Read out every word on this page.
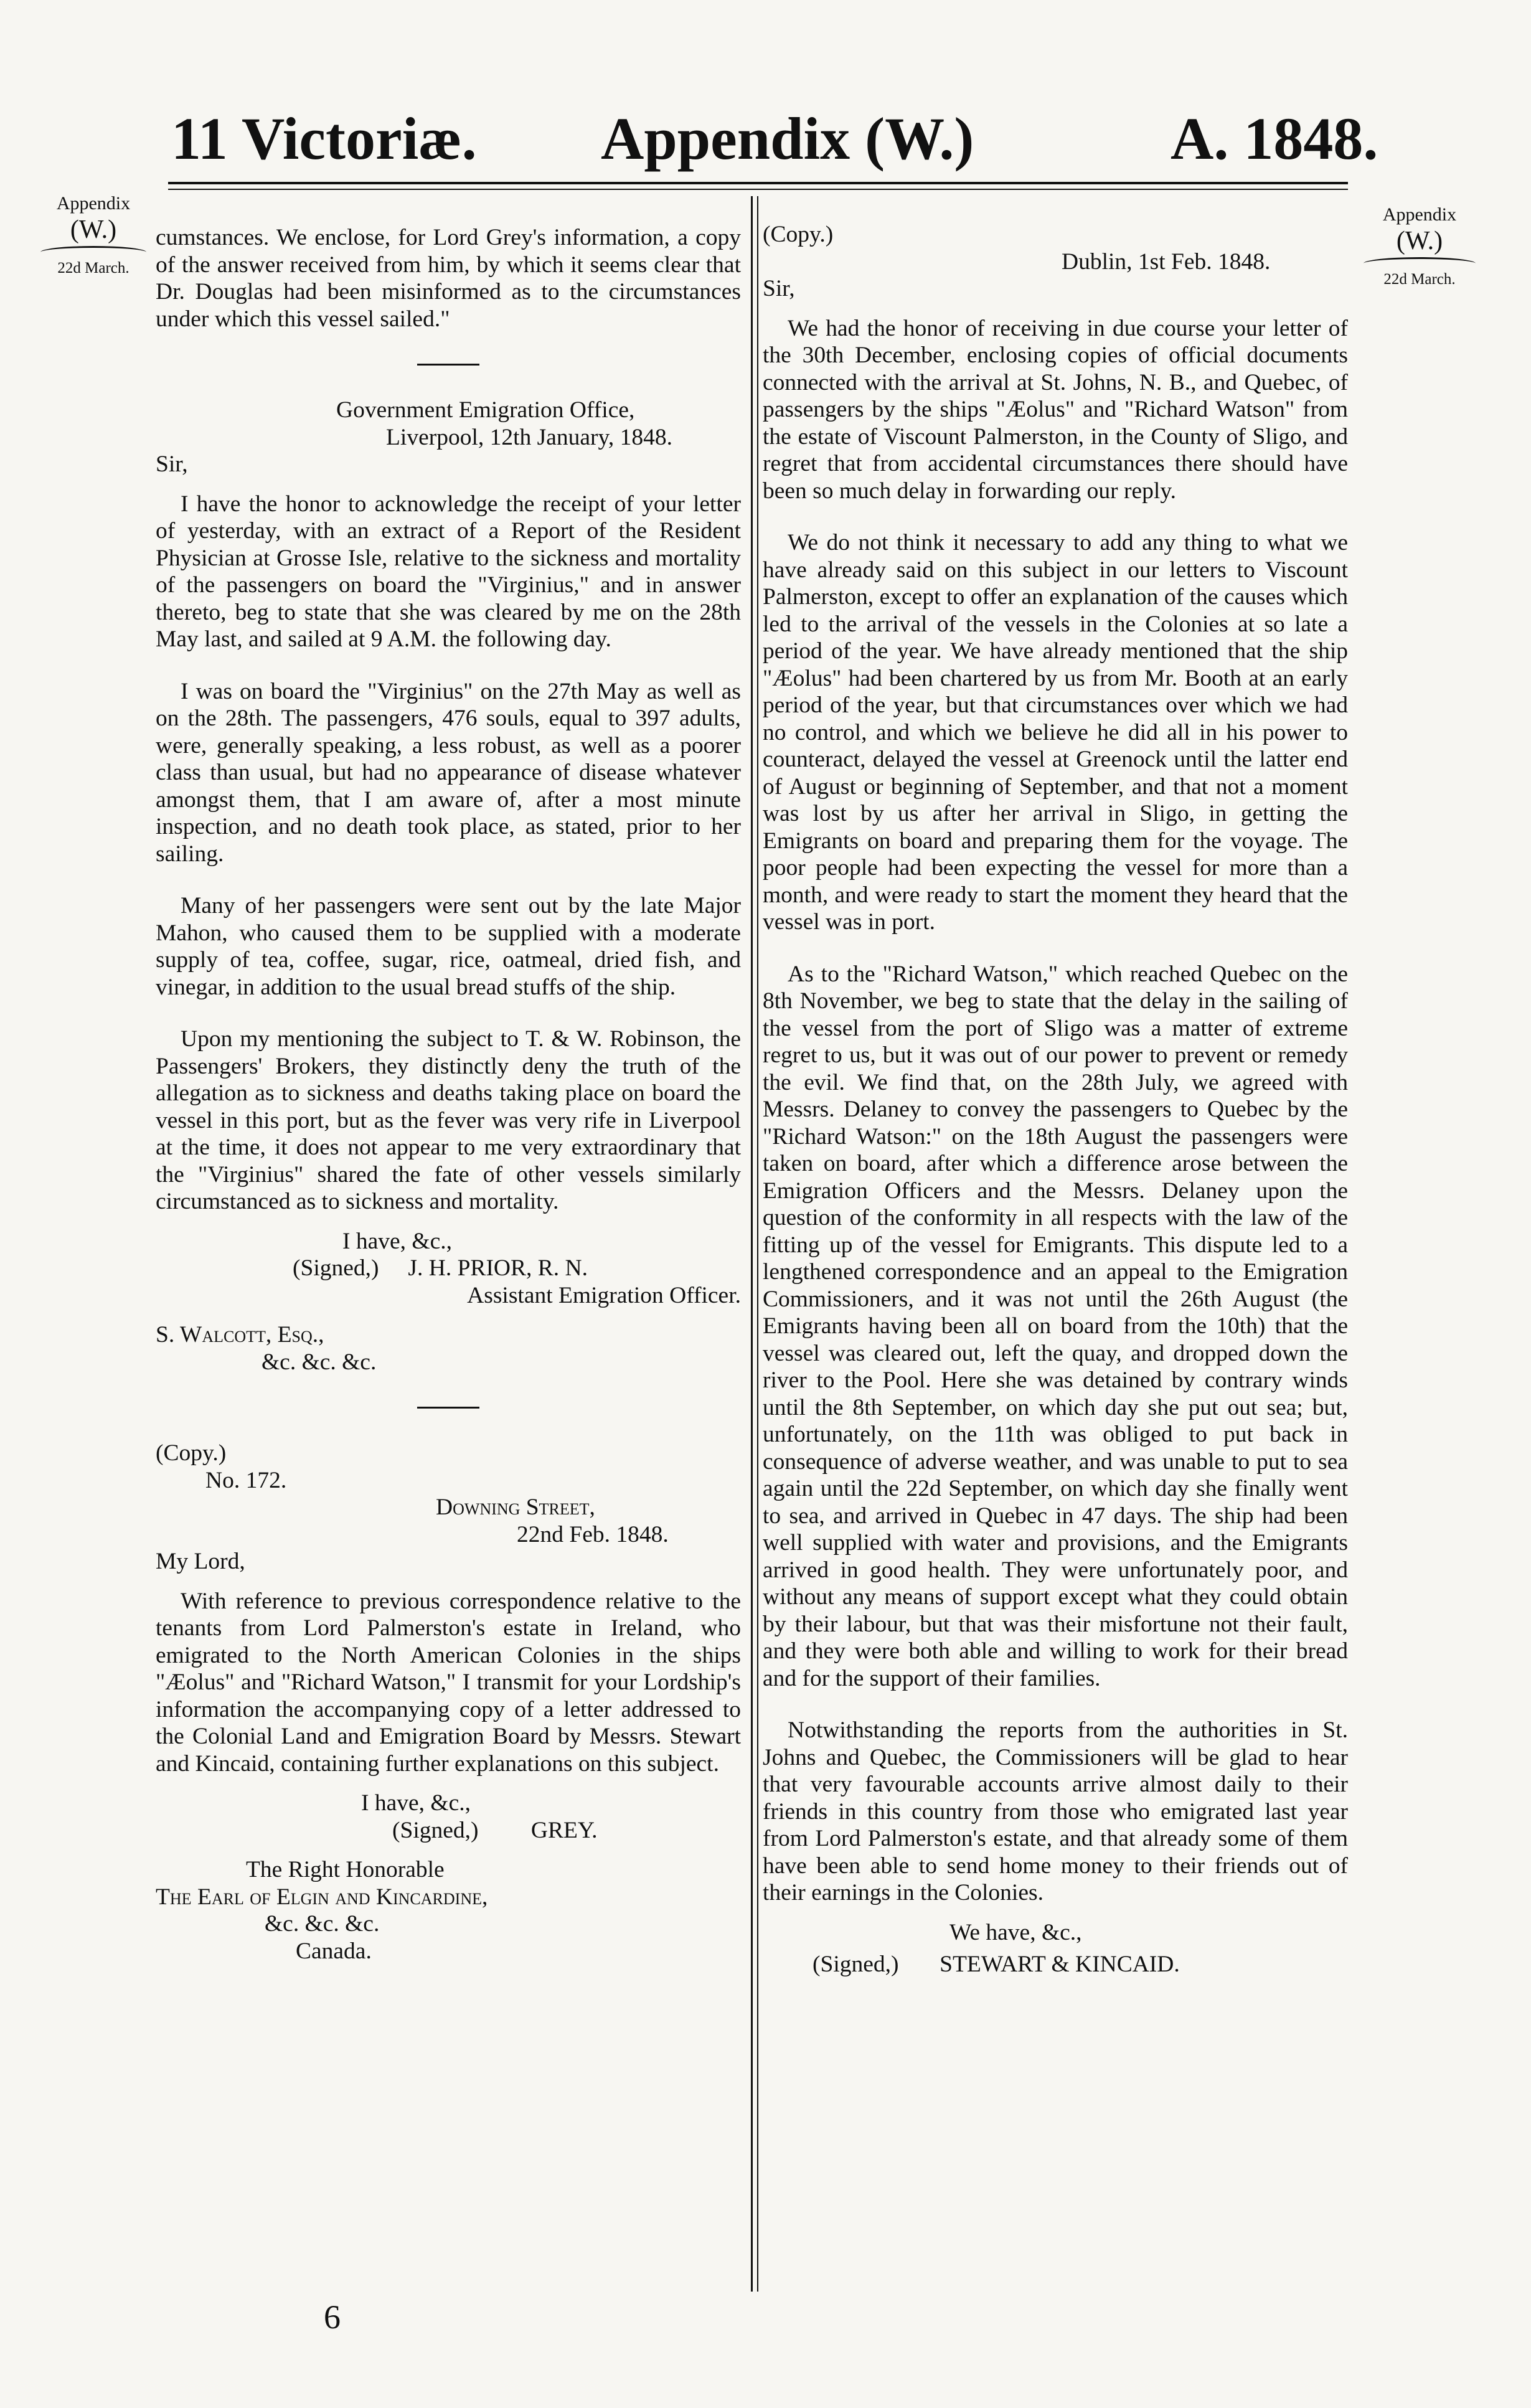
11 Victoriæ. Appendix (W.)	A. 1848.
Appendix
(W.)
22d March.
Appendix
(W.)
22d March.

cumstances. We enclose, for Lord Grey's information, a copy of the answer received from him, by which it seems clear that Dr. Douglas had been misinformed as to the circumstances under which this vessel sailed."

Government Emigration Office,
Liverpool, 12th January, 1848.
Sir,

I have the honor to acknowledge the receipt of your letter of yesterday, with an extract of a Report of the Resident Physician at Grosse Isle, relative to the sickness and mortality of the passengers on board the "Virginius," and in answer thereto, beg to state that she was cleared by me on the 28th May last, and sailed at 9 A.M. the following day.

I was on board the "Virginius" on the 27th May as well as on the 28th. The passengers, 476 souls, equal to 397 adults, were, generally speaking, a less robust, as well as a poorer class than usual, but had no appearance of disease whatever amongst them, that I am aware of, after a most minute inspection, and no death took place, as stated, prior to her sailing.

Many of her passengers were sent out by the late Major Mahon, who caused them to be supplied with a moderate supply of tea, coffee, sugar, rice, oatmeal, dried fish, and vinegar, in addition to the usual bread stuffs of the ship.

Upon my mentioning the subject to T. & W. Robinson, the Passengers' Brokers, they distinctly deny the truth of the allegation as to sickness and deaths taking place on board the vessel in this port, but as the fever was very rife in Liverpool at the time, it does not appear to me very extraordinary that the "Virginius" shared the fate of other vessels similarly circumstanced as to sickness and mortality.

I have, &c.,
(Signed,) J. H. PRIOR, R. N.
Assistant Emigration Officer.
S. Walcott, Esq.,
&c. &c. &c.
(Copy.)
No. 172.
Downing Street,
22nd Feb. 1848.
My Lord,

With reference to previous correspondence relative to the tenants from Lord Palmerston's estate in Ireland, who emigrated to the North American Colonies in the ships "Æolus" and "Richard Watson," I transmit for your Lordship's information the accompanying copy of a letter addressed to the Colonial Land and Emigration Board by Messrs. Stewart and Kincaid, containing further explanations on this subject.

I have, &c.,
(Signed,) GREY.
The Right Honorable
The Earl of Elgin and Kincardine,
&c. &c. &c.
Canada.
(Copy.)
Dublin, 1st Feb. 1848.
Sir,

We had the honor of receiving in due course your letter of the 30th December, enclosing copies of official documents connected with the arrival at St. Johns, N. B., and Quebec, of passengers by the ships "Æolus" and "Richard Watson" from the estate of Viscount Palmerston, in the County of Sligo, and regret that from accidental circumstances there should have been so much delay in forwarding our reply.

We do not think it necessary to add any thing to what we have already said on this subject in our letters to Viscount Palmerston, except to offer an explanation of the causes which led to the arrival of the vessels in the Colonies at so late a period of the year. We have already mentioned that the ship "Æolus" had been chartered by us from Mr. Booth at an early period of the year, but that circumstances over which we had no control, and which we believe he did all in his power to counteract, delayed the vessel at Greenock until the latter end of August or beginning of September, and that not a moment was lost by us after her arrival in Sligo, in getting the Emigrants on board and preparing them for the voyage. The poor people had been expecting the vessel for more than a month, and were ready to start the moment they heard that the vessel was in port.

As to the "Richard Watson," which reached Quebec on the 8th November, we beg to state that the delay in the sailing of the vessel from the port of Sligo was a matter of extreme regret to us, but it was out of our power to prevent or remedy the evil. We find that, on the 28th July, we agreed with Messrs. Delaney to convey the passengers to Quebec by the "Richard Watson:" on the 18th August the passengers were taken on board, after which a difference arose between the Emigration Officers and the Messrs. Delaney upon the question of the conformity in all respects with the law of the fitting up of the vessel for Emigrants. This dispute led to a lengthened correspondence and an appeal to the Emigration Commissioners, and it was not until the 26th August (the Emigrants having been all on board from the 10th) that the vessel was cleared out, left the quay, and dropped down the river to the Pool. Here she was detained by contrary winds until the 8th September, on which day she put out sea; but, unfortunately, on the 11th was obliged to put back in consequence of adverse weather, and was unable to put to sea again until the 22d September, on which day she finally went to sea, and arrived in Quebec in 47 days. The ship had been well supplied with water and provisions, and the Emigrants arrived in good health. They were unfortunately poor, and without any means of support except what they could obtain by their labour, but that was their misfortune not their fault, and they were both able and willing to work for their bread and for the support of their families.

Notwithstanding the reports from the authorities in St. Johns and Quebec, the Commissioners will be glad to hear that very favourable accounts arrive almost daily to their friends in this country from those who emigrated last year from Lord Palmerston's estate, and that already some of them have been able to send home money to their friends out of their earnings in the Colonies.

We have, &c.,
(Signed,) STEWART & KINCAID.
6
